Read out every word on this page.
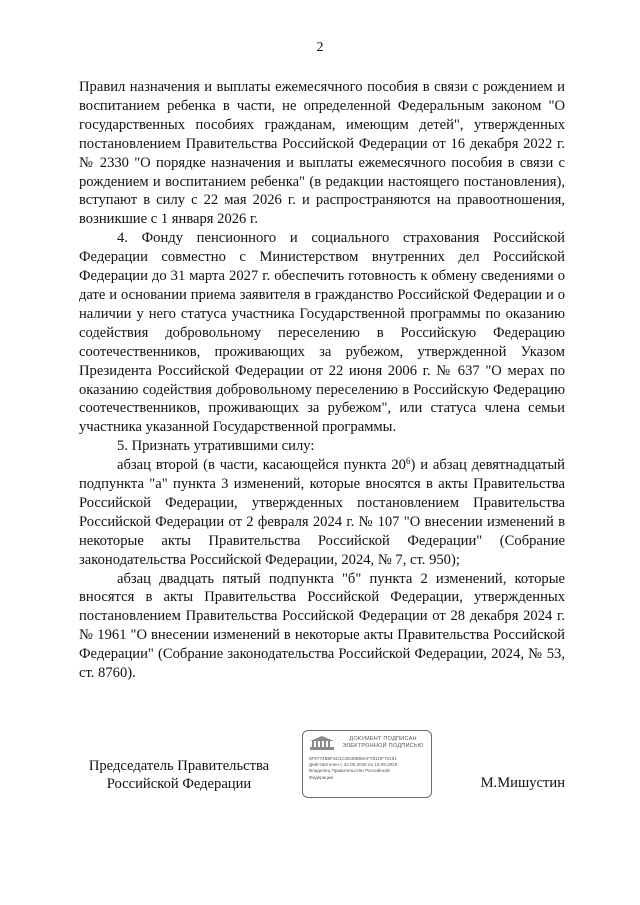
2

Правил назначения и выплаты ежемесячного пособия в связи с рождением и воспитанием ребенка в части, не определенной Федеральным законом "О государственных пособиях гражданам, имеющим детей", утвержденных постановлением Правительства Российской Федерации от 16 декабря 2022 г. № 2330 "О порядке назначения и выплаты ежемесячного пособия в связи с рождением и воспитанием ребенка" (в редакции настоящего постановления), вступают в силу с 22 мая 2026 г. и распространяются на правоотношения, возникшие с 1 января 2026 г.

4. Фонду пенсионного и социального страхования Российской Федерации совместно с Министерством внутренних дел Российской Федерации до 31 марта 2027 г. обеспечить готовность к обмену сведениями о дате и основании приема заявителя в гражданство Российской Федерации и о наличии у него статуса участника Государственной программы по оказанию содействия добровольному переселению в Российскую Федерацию соотечественников, проживающих за рубежом, утвержденной Указом Президента Российской Федерации от 22 июня 2006 г. № 637 "О мерах по оказанию содействия добровольному переселению в Российскую Федерацию соотечественников, проживающих за рубежом", или статуса члена семьи участника указанной Государственной программы.

5. Признать утратившими силу:

абзац второй (в части, касающейся пункта $20^6$) и абзац девятнадцатый подпункта "а" пункта 3 изменений, которые вносятся в акты Правительства Российской Федерации, утвержденных постановлением Правительства Российской Федерации от 2 февраля 2024 г. № 107 "О внесении изменений в некоторые акты Правительства Российской Федерации" (Собрание законодательства Российской Федерации, 2024, № 7, ст. 950);

абзац двадцать пятый подпункта "б" пункта 2 изменений, которые вносятся в акты Правительства Российской Федерации, утвержденных постановлением Правительства Российской Федерации от 28 декабря 2024 г. № 1961 "О внесении изменений в некоторые акты Правительства Российской Федерации" (Собрание законодательства Российской Федерации, 2024, № 53, ст. 8760).

Председатель Правительства
Российской Федерации
ДОКУМЕНТ ПОДПИСАН
ЭЛЕКТРОННОЙ ПОДПИСЬЮ
6F6774B8F4D1C4D49B88AF7B1DF70191
Действителен с 22.05.2025 по 15.08.2026
Владелец Правительство Российской
Федерации	М.Мишустин
